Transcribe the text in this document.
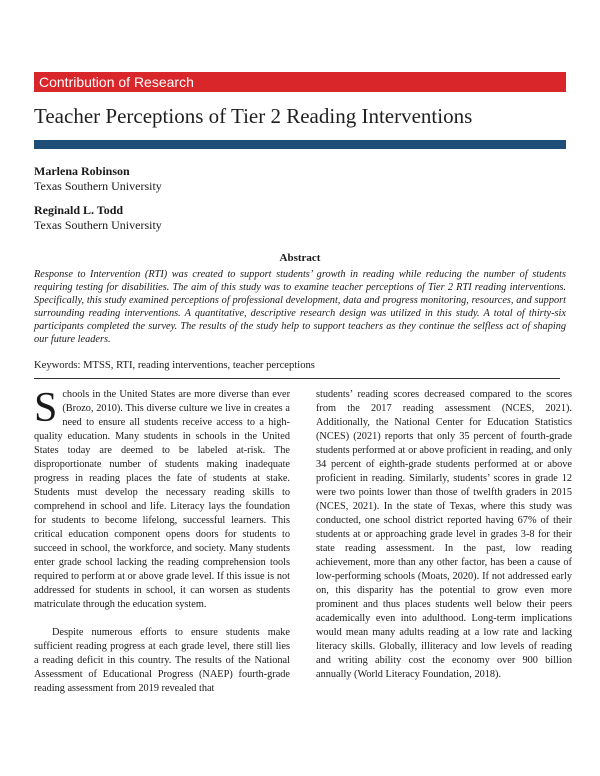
Contribution of Research
Teacher Perceptions of Tier 2 Reading Interventions
Marlena Robinson
Texas Southern University
Reginald L. Todd
Texas Southern University
Abstract

Response to Intervention (RTI) was created to support students’ growth in reading while reducing the number of students requiring testing for disabilities. The aim of this study was to examine teacher perceptions of Tier 2 RTI reading interventions. Specifically, this study examined perceptions of professional development, data and progress monitoring, resources, and support surrounding reading interventions. A quantitative, descriptive research design was utilized in this study. A total of thirty-six participants completed the survey. The results of the study help to support teachers as they continue the selfless act of shaping our future leaders.

Keywords: MTSS, RTI, reading interventions, teacher perceptions

Schools in the United States are more diverse than ever (Brozo, 2010). This diverse culture we live in creates a need to ensure all students receive access to a high-quality education. Many students in schools in the United States today are deemed to be labeled at-risk. The disproportionate number of students making inadequate progress in reading places the fate of students at stake. Students must develop the necessary reading skills to comprehend in school and life. Literacy lays the foundation for students to become lifelong, successful learners. This critical education component opens doors for students to succeed in school, the workforce, and society. Many students enter grade school lacking the reading comprehension tools required to perform at or above grade level. If this issue is not addressed for students in school, it can worsen as students matriculate through the education system.

Despite numerous efforts to ensure students make sufficient reading progress at each grade level, there still lies a reading deficit in this country. The results of the National Assessment of Educational Progress (NAEP) fourth-grade reading assessment from 2019 revealed that

students’ reading scores decreased compared to the scores from the 2017 reading assessment (NCES, 2021). Additionally, the National Center for Education Statistics (NCES) (2021) reports that only 35 percent of fourth-grade students performed at or above proficient in reading, and only 34 percent of eighth-grade students performed at or above proficient in reading. Similarly, students’ scores in grade 12 were two points lower than those of twelfth graders in 2015 (NCES, 2021). In the state of Texas, where this study was conducted, one school district reported having 67% of their students at or approaching grade level in grades 3-8 for their state reading assessment. In the past, low reading achievement, more than any other factor, has been a cause of low-performing schools (Moats, 2020). If not addressed early on, this disparity has the potential to grow even more prominent and thus places students well below their peers academically even into adulthood. Long-term implications would mean many adults reading at a low rate and lacking literacy skills. Globally, illiteracy and low levels of reading and writing ability cost the economy over 900 billion annually (World Literacy Foundation, 2018).
